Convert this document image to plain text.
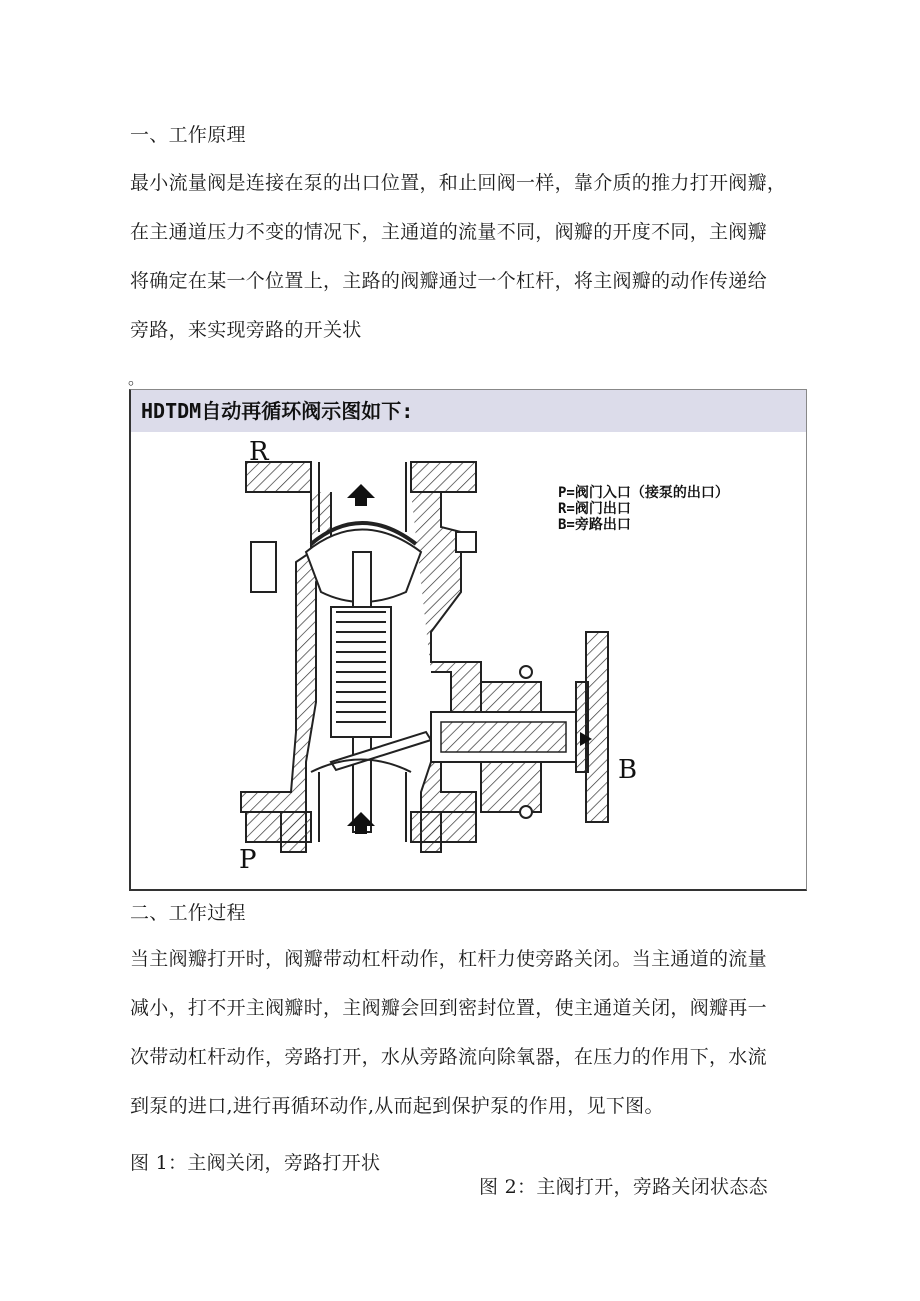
一、工作原理
最小流量阀是连接在泵的出口位置，和止回阀一样，靠介质的推力打开阀瓣，
在主通道压力不变的情况下，主通道的流量不同，阀瓣的开度不同，主阀瓣
将确定在某一个位置上，主路的阀瓣通过一个杠杆，将主阀瓣的动作传递给
旁路，来实现旁路的开关状
。
HDTDM自动再循环阀示图如下:
R
P
B
P=阀门入口（接泵的出口）
R=阀门出口
B=旁路出口
二、工作过程
当主阀瓣打开时，阀瓣带动杠杆动作，杠杆力使旁路关闭。当主通道的流量
减小，打不开主阀瓣时，主阀瓣会回到密封位置，使主通道关闭，阀瓣再一
次带动杠杆动作，旁路打开，水从旁路流向除氧器，在压力的作用下，水流
到泵的进口,进行再循环动作,从而起到保护泵的作用，见下图。
图 1：主阀关闭，旁路打开状
图 2：主阀打开，旁路关闭状态态
